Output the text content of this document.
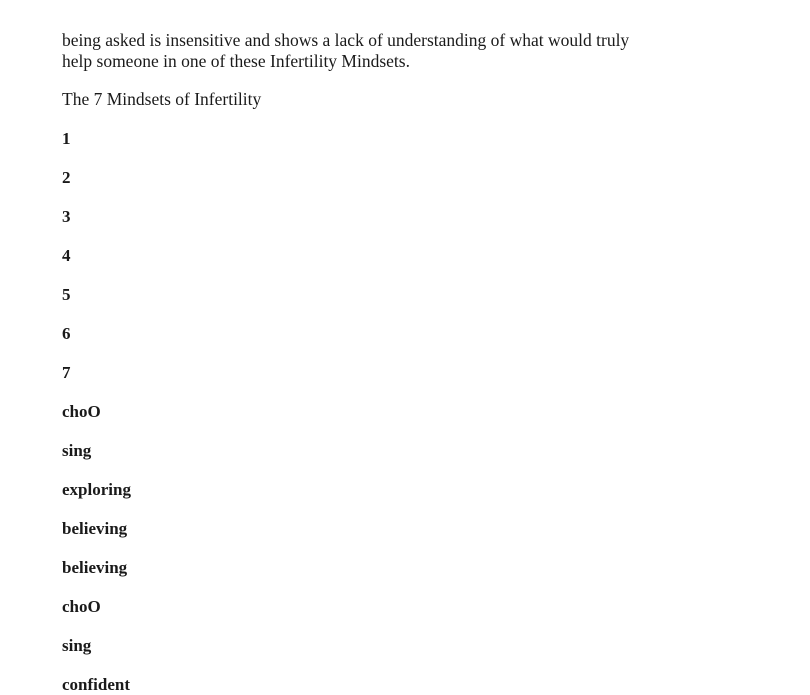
being asked is insensitive and shows a lack of understanding of what would truly
help someone in one of these Infertility Mindsets.

The 7 Mindsets of Infertility

1
2
3
4
5
6
7
choO
sing
exploring
believing
believing
choO
sing
confident
